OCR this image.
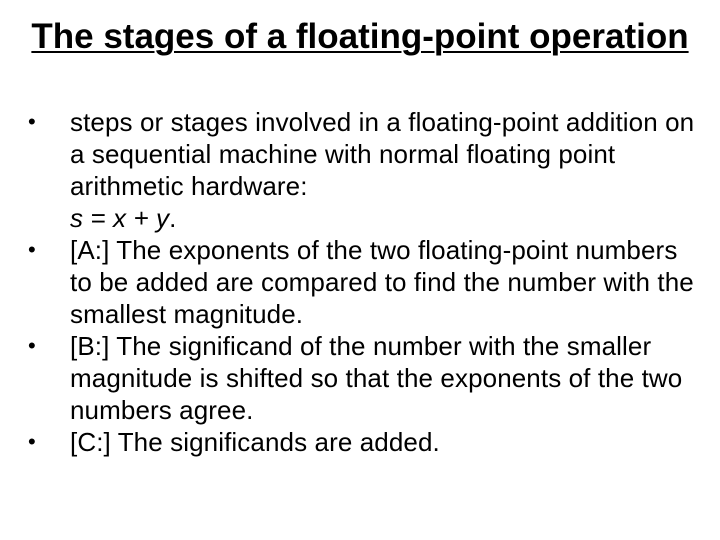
The stages of a floating-point operation
•	steps or stages involved in a floating-point addition on a sequential machine with normal floating point arithmetic hardware:
s = x + y.
•	[A:] The exponents of the two floating-point numbers to be added are compared to find the number with the smallest magnitude.
•	[B:] The significand of the number with the smaller magnitude is shifted so that the exponents of the two numbers agree.
•	[C:] The significands are added.
